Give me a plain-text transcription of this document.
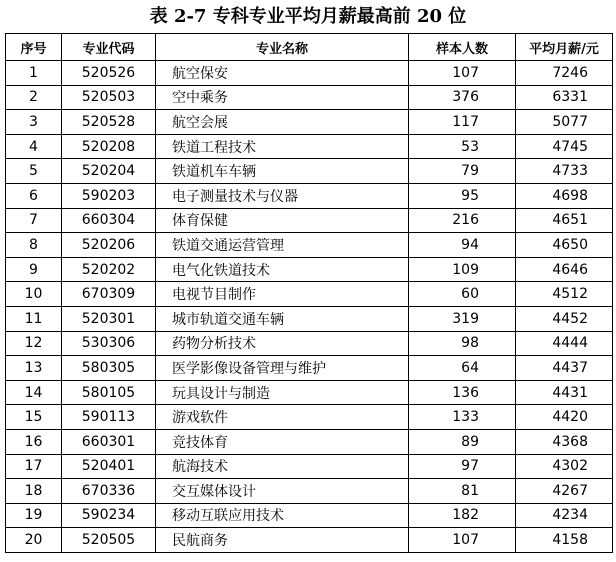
表 2-7 专科专业平均月薪最高前 20 位
序号	专业代码	专业名称	样本人数	平均月薪/元
1	520526	航空保安	107	7246
2	520503	空中乘务	376	6331
3	520528	航空会展	117	5077
4	520208	铁道工程技术	53	4745
5	520204	铁道机车车辆	79	4733
6	590203	电子测量技术与仪器	95	4698
7	660304	体育保健	216	4651
8	520206	铁道交通运营管理	94	4650
9	520202	电气化铁道技术	109	4646
10	670309	电视节目制作	60	4512
11	520301	城市轨道交通车辆	319	4452
12	530306	药物分析技术	98	4444
13	580305	医学影像设备管理与维护	64	4437
14	580105	玩具设计与制造	136	4431
15	590113	游戏软件	133	4420
16	660301	竞技体育	89	4368
17	520401	航海技术	97	4302
18	670336	交互媒体设计	81	4267
19	590234	移动互联应用技术	182	4234
20	520505	民航商务	107	4158
